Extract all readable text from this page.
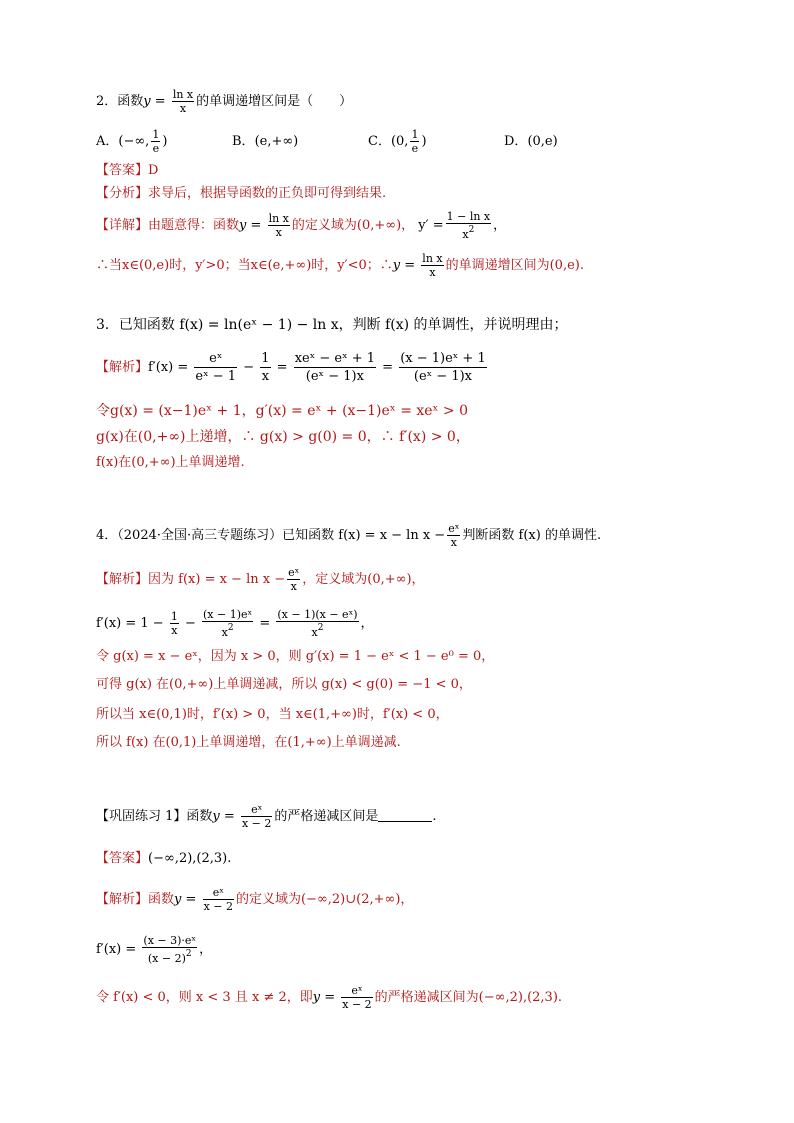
2．函数$y = \frac{\text{ln x}}{x}$ 的单调递增区间是（　　）
A．(−∞, $\frac{1}{e}$ )	B．(e,+∞)	C．(0, $\frac{1}{e}$ )	D．(0,e)
【答案】D
【分析】求导后，根据导函数的正负即可得到结果.
【详解】由题意得：函数$y = \frac{\text{ln x}}{x}$ 的定义域为(0,+∞)， $y' = \frac{\text{1 − ln x}}{x^2}$ ，
∴当x∈(0,e)时，y′>0；当x∈(e,+∞)时，y′<0；∴y = $\frac{\text{ln x}}{x}$ 的单调递增区间为(0,e).
3．已知函数 f(x) = ln(eˣ − 1) − ln x，判断 f(x) 的单调性，并说明理由；
【解析】$f'(x) = \frac{\text{eˣ}}{\text{eˣ − 1}} - \frac{1}{x} = \frac{\text{xeˣ − eˣ + 1}}{\text{(eˣ − 1)x}} = \frac{\text{(x − 1)eˣ + 1}}{\text{(eˣ − 1)x}}$
令g(x) = (x−1)eˣ + 1，g′(x) = eˣ + (x−1)eˣ = xeˣ > 0
g(x)在(0,+∞)上递增，∴ g(x) > g(0) = 0，∴ f′(x) > 0，
f(x)在(0,+∞)上单调递增.
4．（2024·全国·高三专题练习）已知函数 $f(x) = x - \ln x - \frac{\text{eˣ}}{x}$ 判断函数 f(x) 的单调性.
【解析】因为 $f(x) = x - \ln x - \frac{\text{eˣ}}{x}$ ，定义域为(0,+∞)，
$f'(x) = 1 - \frac{1}{x} - \frac{\text{(x − 1)eˣ}}{x^2} = \frac{\text{(x − 1)(x − eˣ)}}{x^2}$ ，
令 g(x) = x − eˣ，因为 x > 0，则 g′(x) = 1 − eˣ < 1 − e⁰ = 0，
可得 g(x) 在(0,+∞)上单调递减，所以 g(x) < g(0) = −1 < 0，
所以当 x∈(0,1)时，f′(x) > 0，当 x∈(1,+∞)时，f′(x) < 0，
所以 f(x) 在(0,1)上单调递增，在(1,+∞)上单调递减.
【巩固练习 1】函数$y = \frac{\text{eˣ}}{x - 2}$ 的严格递减区间是	.
【答案】(−∞,2),(2,3).
【解析】函数$y = \frac{\text{eˣ}}{x - 2}$ 的定义域为(−∞,2)∪(2,+∞)，
$f'(x) = \frac{\text{(x − 3)·eˣ}}{(x - 2)^2}$ ，
令 f′(x) < 0，则 x < 3 且 x ≠ 2，即$y = \frac{\text{eˣ}}{x - 2}$ 的严格递减区间为(−∞,2),(2,3).
